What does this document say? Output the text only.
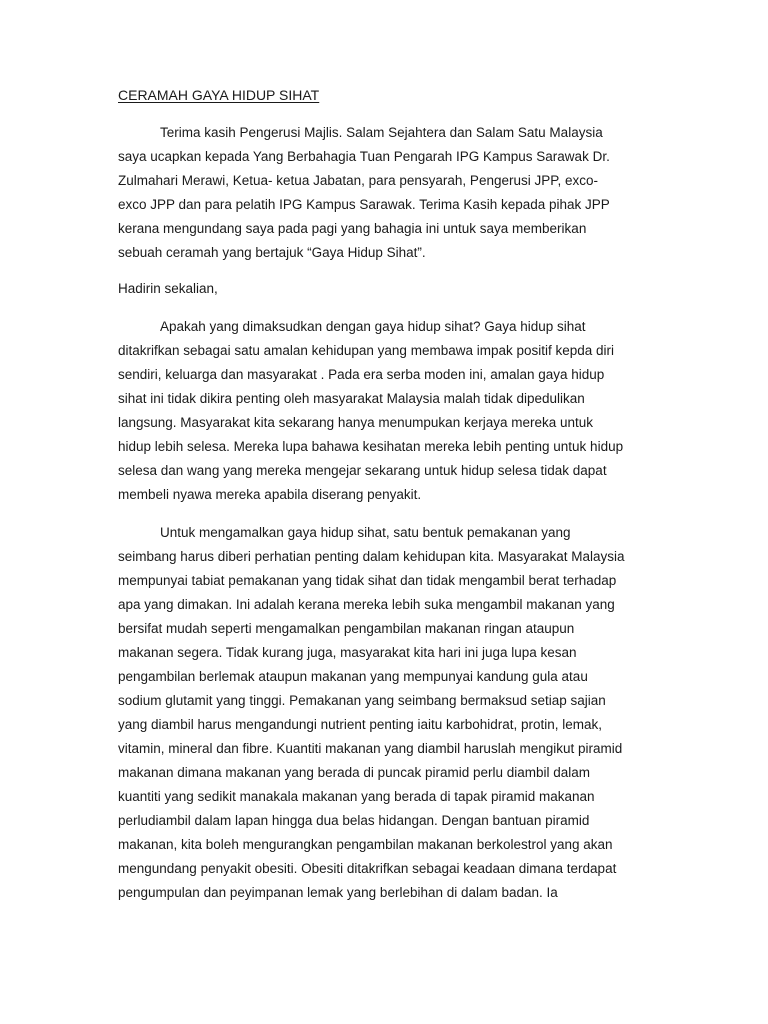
CERAMAH GAYA HIDUP SIHAT

Terima kasih Pengerusi Majlis. Salam Sejahtera dan Salam Satu Malaysia
saya ucapkan kepada Yang Berbahagia Tuan Pengarah IPG Kampus Sarawak Dr.
Zulmahari Merawi, Ketua- ketua Jabatan, para pensyarah, Pengerusi JPP, exco-
exco JPP dan para pelatih IPG Kampus Sarawak. Terima Kasih kepada pihak JPP
kerana mengundang saya pada pagi yang bahagia ini untuk saya memberikan
sebuah ceramah yang bertajuk “Gaya Hidup Sihat”.

Hadirin sekalian,

Apakah yang dimaksudkan dengan gaya hidup sihat? Gaya hidup sihat
ditakrifkan sebagai satu amalan kehidupan yang membawa impak positif kepda diri
sendiri, keluarga dan masyarakat . Pada era serba moden ini, amalan gaya hidup
sihat ini tidak dikira penting oleh masyarakat Malaysia malah tidak dipedulikan
langsung. Masyarakat kita sekarang hanya menumpukan kerjaya mereka untuk
hidup lebih selesa. Mereka lupa bahawa kesihatan mereka lebih penting untuk hidup
selesa dan wang yang mereka mengejar sekarang untuk hidup selesa tidak dapat
membeli nyawa mereka apabila diserang penyakit.

Untuk mengamalkan gaya hidup sihat, satu bentuk pemakanan yang
seimbang harus diberi perhatian penting dalam kehidupan kita. Masyarakat Malaysia
mempunyai tabiat pemakanan yang tidak sihat dan tidak mengambil berat terhadap
apa yang dimakan. Ini adalah kerana mereka lebih suka mengambil makanan yang
bersifat mudah seperti mengamalkan pengambilan makanan ringan ataupun
makanan segera. Tidak kurang juga, masyarakat kita hari ini juga lupa kesan
pengambilan berlemak ataupun makanan yang mempunyai kandung gula atau
sodium glutamit yang tinggi. Pemakanan yang seimbang bermaksud setiap sajian
yang diambil harus mengandungi nutrient penting iaitu karbohidrat, protin, lemak,
vitamin, mineral dan fibre. Kuantiti makanan yang diambil haruslah mengikut piramid
makanan dimana makanan yang berada di puncak piramid perlu diambil dalam
kuantiti yang sedikit manakala makanan yang berada di tapak piramid makanan
perludiambil dalam lapan hingga dua belas hidangan. Dengan bantuan piramid
makanan, kita boleh mengurangkan pengambilan makanan berkolestrol yang akan
mengundang penyakit obesiti. Obesiti ditakrifkan sebagai keadaan dimana terdapat
pengumpulan dan peyimpanan lemak yang berlebihan di dalam badan. Ia
